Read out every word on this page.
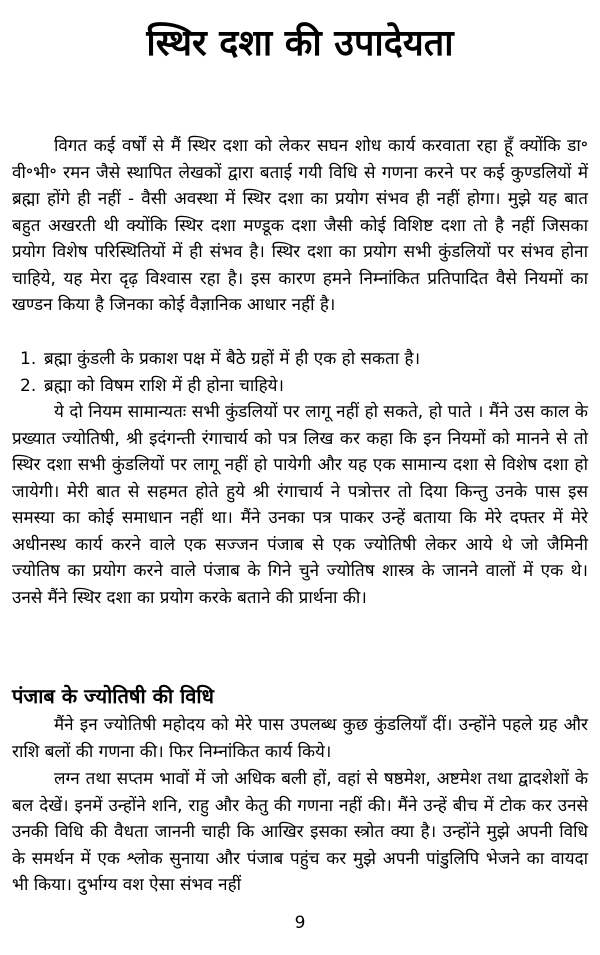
स्थिर दशा की उपादेयता

विगत कई वर्षों से मैं स्थिर दशा को लेकर सघन शोध कार्य करवाता रहा हूँ क्योंकि डा॰ वी॰भी॰ रमन जैसे स्थापित लेखकों द्वारा बताई गयी विधि से गणना करने पर कई कुण्डलियों में ब्रह्मा होंगे ही नहीं - वैसी अवस्था में स्थिर दशा का प्रयोग संभव ही नहीं होगा। मुझे यह बात बहुत अखरती थी क्योंकि स्थिर दशा मण्डूक दशा जैसी कोई विशिष्ट दशा तो है नहीं जिसका प्रयोग विशेष परिस्थितियों में ही संभव है। स्थिर दशा का प्रयोग सभी कुंडलियों पर संभव होना चाहिये, यह मेरा दृढ़ विश्वास रहा है। इस कारण हमने निम्नांकित प्रतिपादित वैसे नियमों का खण्डन किया है जिनका कोई वैज्ञानिक आधार नहीं है।

1. ब्रह्मा कुंडली के प्रकाश पक्ष में बैठे ग्रहों में ही एक हो सकता है।
2. ब्रह्मा को विषम राशि में ही होना चाहिये।

ये दो नियम सामान्यतः सभी कुंडलियों पर लागू नहीं हो सकते, हो पाते । मैंने उस काल के प्रख्यात ज्योतिषी, श्री इदंगन्ती रंगाचार्य को पत्र लिख कर कहा कि इन नियमों को मानने से तो स्थिर दशा सभी कुंडलियों पर लागू नहीं हो पायेगी और यह एक सामान्य दशा से विशेष दशा हो जायेगी। मेरी बात से सहमत होते हुये श्री रंगाचार्य ने पत्रोत्तर तो दिया किन्तु उनके पास इस समस्या का कोई समाधान नहीं था। मैंने उनका पत्र पाकर उन्हें बताया कि मेरे दफ्तर में मेरे अधीनस्थ कार्य करने वाले एक सज्जन पंजाब से एक ज्योतिषी लेकर आये थे जो जैमिनी ज्योतिष का प्रयोग करने वाले पंजाब के गिने चुने ज्योतिष शास्त्र के जानने वालों में एक थे। उनसे मैंने स्थिर दशा का प्रयोग करके बताने की प्रार्थना की।

पंजाब के ज्योतिषी की विधि

मैंने इन ज्योतिषी महोदय को मेरे पास उपलब्ध कुछ कुंडलियाँ दीं। उन्होंने पहले ग्रह और राशि बलों की गणना की। फिर निम्नांकित कार्य किये।

लग्न तथा सप्तम भावों में जो अधिक बली हों, वहां से षष्ठमेश, अष्टमेश तथा द्वादशेशों के बल देखें। इनमें उन्होंने शनि, राहु और केतु की गणना नहीं की। मैंने उन्हें बीच में टोक कर उनसे उनकी विधि की वैधता जाननी चाही कि आखिर इसका स्त्रोत क्या है। उन्होंने मुझे अपनी विधि के समर्थन में एक श्लोक सुनाया और पंजाब पहुंच कर मुझे अपनी पांडुलिपि भेजने का वायदा भी किया। दुर्भाग्य वश ऐसा संभव नहीं

9
